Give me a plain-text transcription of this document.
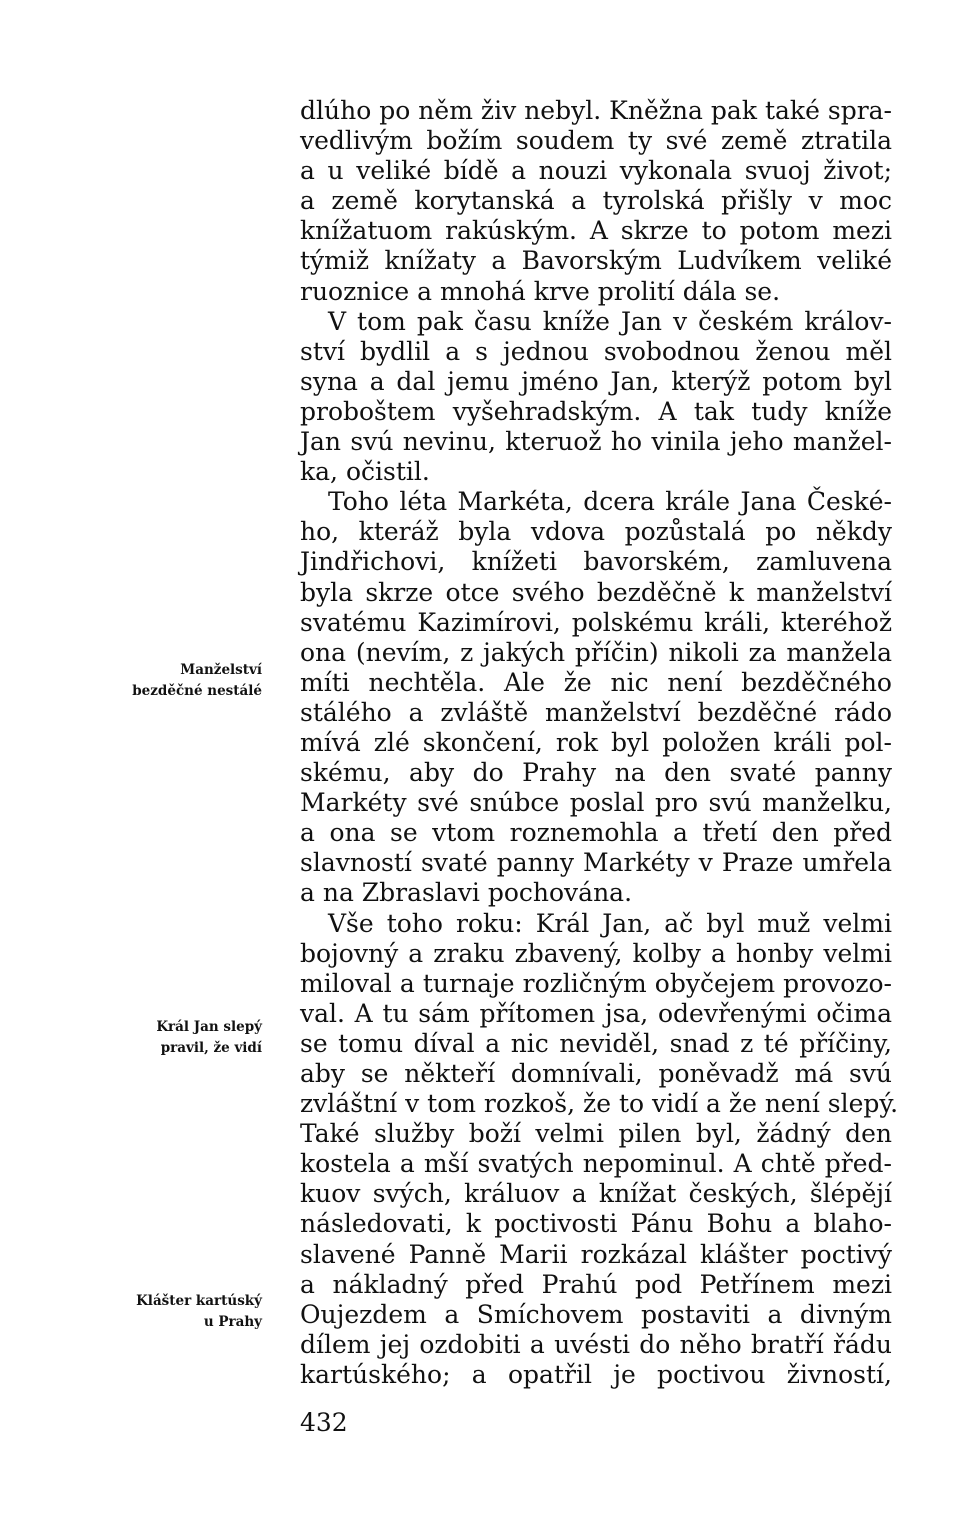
Manželství
bezděčné nestálé
Král Jan slepý
pravil, že vidí
Klášter kartúský
u Prahy
dlúho po něm živ nebyl. Kněžna pak také spra-
vedlivým božím soudem ty své země ztratila
a u veliké bídě a nouzi vykonala svuoj život;
a země korytanská a tyrolská přišly v moc
knížatuom rakúským. A skrze to potom mezi
týmiž knížaty a Bavorským Ludvíkem veliké
ruoznice a mnohá krve prolití dála se.
V tom pak času kníže Jan v českém králov-
ství bydlil a s jednou svobodnou ženou měl
syna a dal jemu jméno Jan, kterýž potom byl
proboštem vyšehradským. A tak tudy kníže
Jan svú nevinu, kteruož ho vinila jeho manžel-
ka, očistil.
Toho léta Markéta, dcera krále Jana České-
ho, kteráž byla vdova pozůstalá po někdy
Jindřichovi, knížeti bavorském, zamluvena
byla skrze otce svého bezděčně k manželství
svatému Kazimírovi, polskému králi, kteréhož
ona (nevím, z jakých příčin) nikoli za manžela
míti nechtěla. Ale že nic není bezděčného
stálého a zvláště manželství bezděčné rádo
mívá zlé skončení, rok byl položen králi pol-
skému, aby do Prahy na den svaté panny
Markéty své snúbce poslal pro svú manželku,
a ona se vtom roznemohla a třetí den před
slavností svaté panny Markéty v Praze umřela
a na Zbraslavi pochována.
Vše toho roku: Král Jan, ač byl muž velmi
bojovný a zraku zbavený, kolby a honby velmi
miloval a turnaje rozličným obyčejem provozo-
val. A tu sám přítomen jsa, odevřenými očima
se tomu díval a nic neviděl, snad z té příčiny,
aby se někteří domnívali, poněvadž má svú
zvláštní v tom rozkoš, že to vidí a že není slepý.
Také služby boží velmi pilen byl, žádný den
kostela a mší svatých nepominul. A chtě před-
kuov svých, králuov a knížat českých, šlépějí
následovati, k poctivosti Pánu Bohu a blaho-
slavené Panně Marii rozkázal klášter poctivý
a nákladný před Prahú pod Petřínem mezi
Oujezdem a Smíchovem postaviti a divným
dílem jej ozdobiti a uvésti do něho bratří řádu
kartúského; a opatřil je poctivou živností,
432
